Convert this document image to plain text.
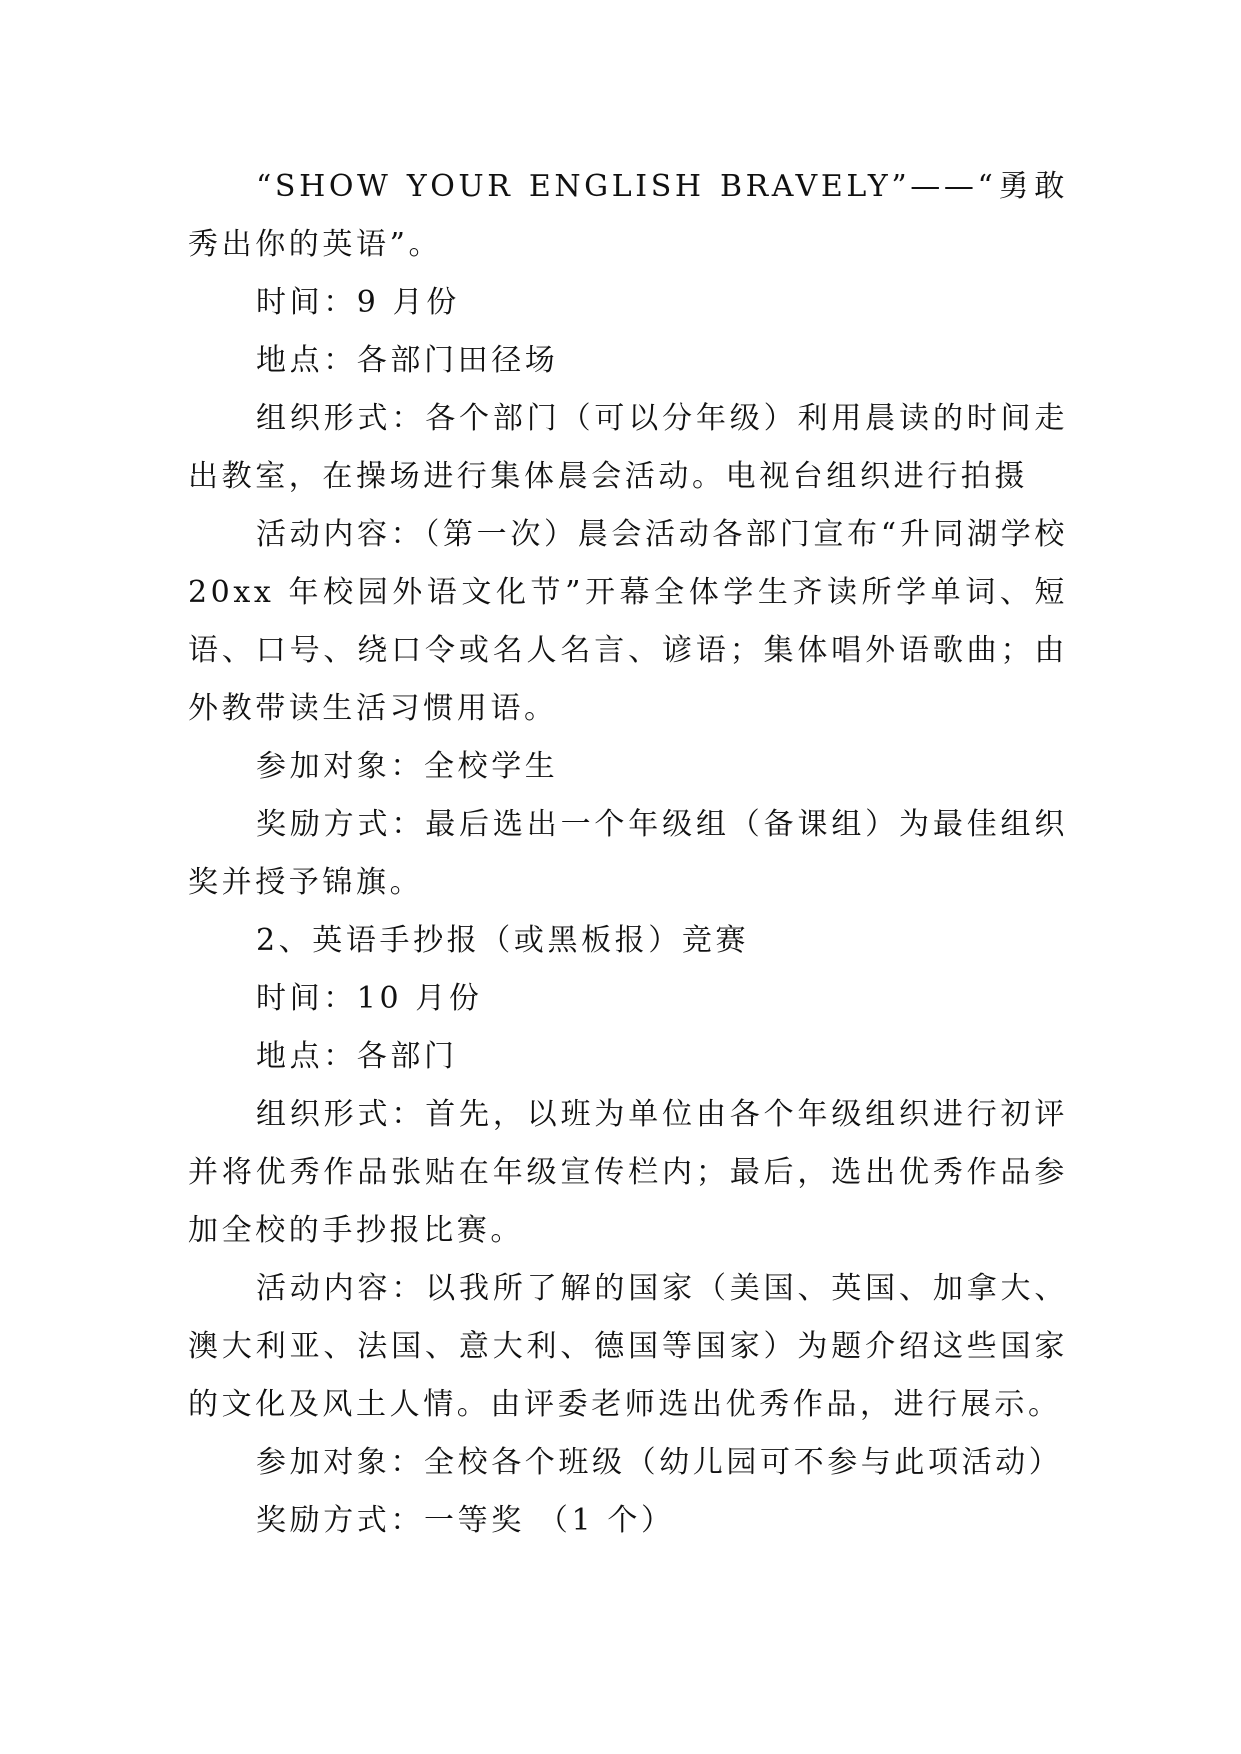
“SHOW YOUR ENGLISH BRAVELY”——“勇敢秀出你的英语”。

时间：9 月份

地点：各部门田径场

组织形式：各个部门（可以分年级）利用晨读的时间走出教室，在操场进行集体晨会活动。电视台组织进行拍摄

活动内容：（第一次）晨会活动各部门宣布“升同湖学校 20xx 年校园外语文化节”开幕全体学生齐读所学单词、短语、口号、绕口令或名人名言、谚语；集体唱外语歌曲；由外教带读生活习惯用语。

参加对象：全校学生

奖励方式：最后选出一个年级组（备课组）为最佳组织奖并授予锦旗。

2、英语手抄报（或黑板报）竞赛

时间：10 月份

地点：各部门

组织形式：首先，以班为单位由各个年级组织进行初评并将优秀作品张贴在年级宣传栏内；最后，选出优秀作品参加全校的手抄报比赛。

活动内容：以我所了解的国家（美国、英国、加拿大、澳大利亚、法国、意大利、德国等国家）为题介绍这些国家的文化及风土人情。由评委老师选出优秀作品，进行展示。

参加对象：全校各个班级（幼儿园可不参与此项活动）

奖励方式：一等奖 （1 个）
